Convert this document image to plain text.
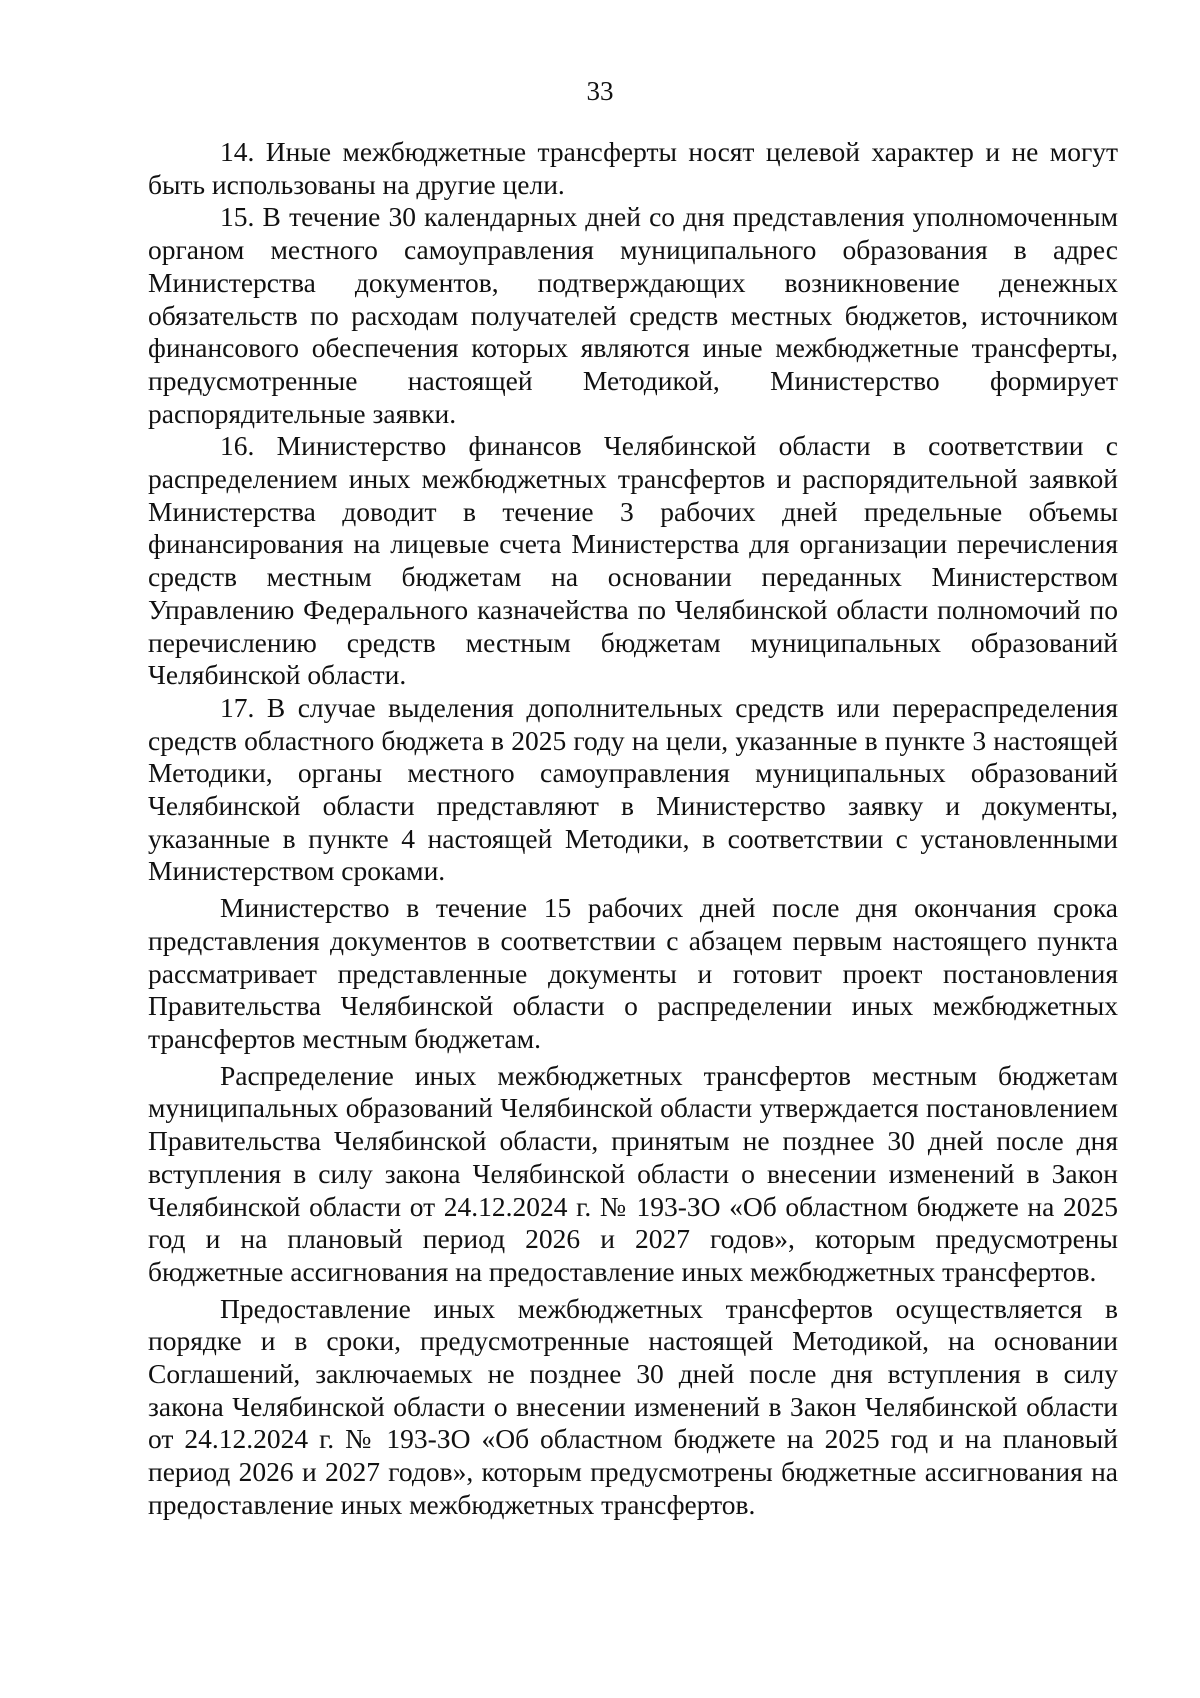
33

14. Иные межбюджетные трансферты носят целевой характер и не могут быть использованы на другие цели.

15. В течение 30 календарных дней со дня представления уполномоченным органом местного самоуправления муниципального образования в адрес Министерства документов, подтверждающих возникновение денежных обязательств по расходам получателей средств местных бюджетов, источником финансового обеспечения которых являются иные межбюджетные трансферты, предусмотренные настоящей Методикой, Министерство формирует распорядительные заявки.

16. Министерство финансов Челябинской области в соответствии с распределением иных межбюджетных трансфертов и распорядительной заявкой Министерства доводит в течение 3 рабочих дней предельные объемы финансирования на лицевые счета Министерства для организации перечисления средств местным бюджетам на основании переданных Министерством Управлению Федерального казначейства по Челябинской области полномочий по перечислению средств местным бюджетам муниципальных образований Челябинской области.

17. В случае выделения дополнительных средств или перераспределения средств областного бюджета в 2025 году на цели, указанные в пункте 3 настоящей Методики, органы местного самоуправления муниципальных образований Челябинской области представляют в Министерство заявку и документы, указанные в пункте 4 настоящей Методики, в соответствии с установленными Министерством сроками.

Министерство в течение 15 рабочих дней после дня окончания срока представления документов в соответствии с абзацем первым настоящего пункта рассматривает представленные документы и готовит проект постановления Правительства Челябинской области о распределении иных межбюджетных трансфертов местным бюджетам.

Распределение иных межбюджетных трансфертов местным бюджетам муниципальных образований Челябинской области утверждается постановлением Правительства Челябинской области, принятым не позднее 30 дней после дня вступления в силу закона Челябинской области о внесении изменений в Закон Челябинской области от 24.12.2024 г. № 193-ЗО «Об областном бюджете на 2025 год и на плановый период 2026 и 2027 годов», которым предусмотрены бюджетные ассигнования на предоставление иных межбюджетных трансфертов.

Предоставление иных межбюджетных трансфертов осуществляется в порядке и в сроки, предусмотренные настоящей Методикой, на основании Соглашений, заключаемых не позднее 30 дней после дня вступления в силу закона Челябинской области о внесении изменений в Закон Челябинской области от 24.12.2024 г. № 193-ЗО «Об областном бюджете на 2025 год и на плановый период 2026 и 2027 годов», которым предусмотрены бюджетные ассигнования на предоставление иных межбюджетных трансфертов.
